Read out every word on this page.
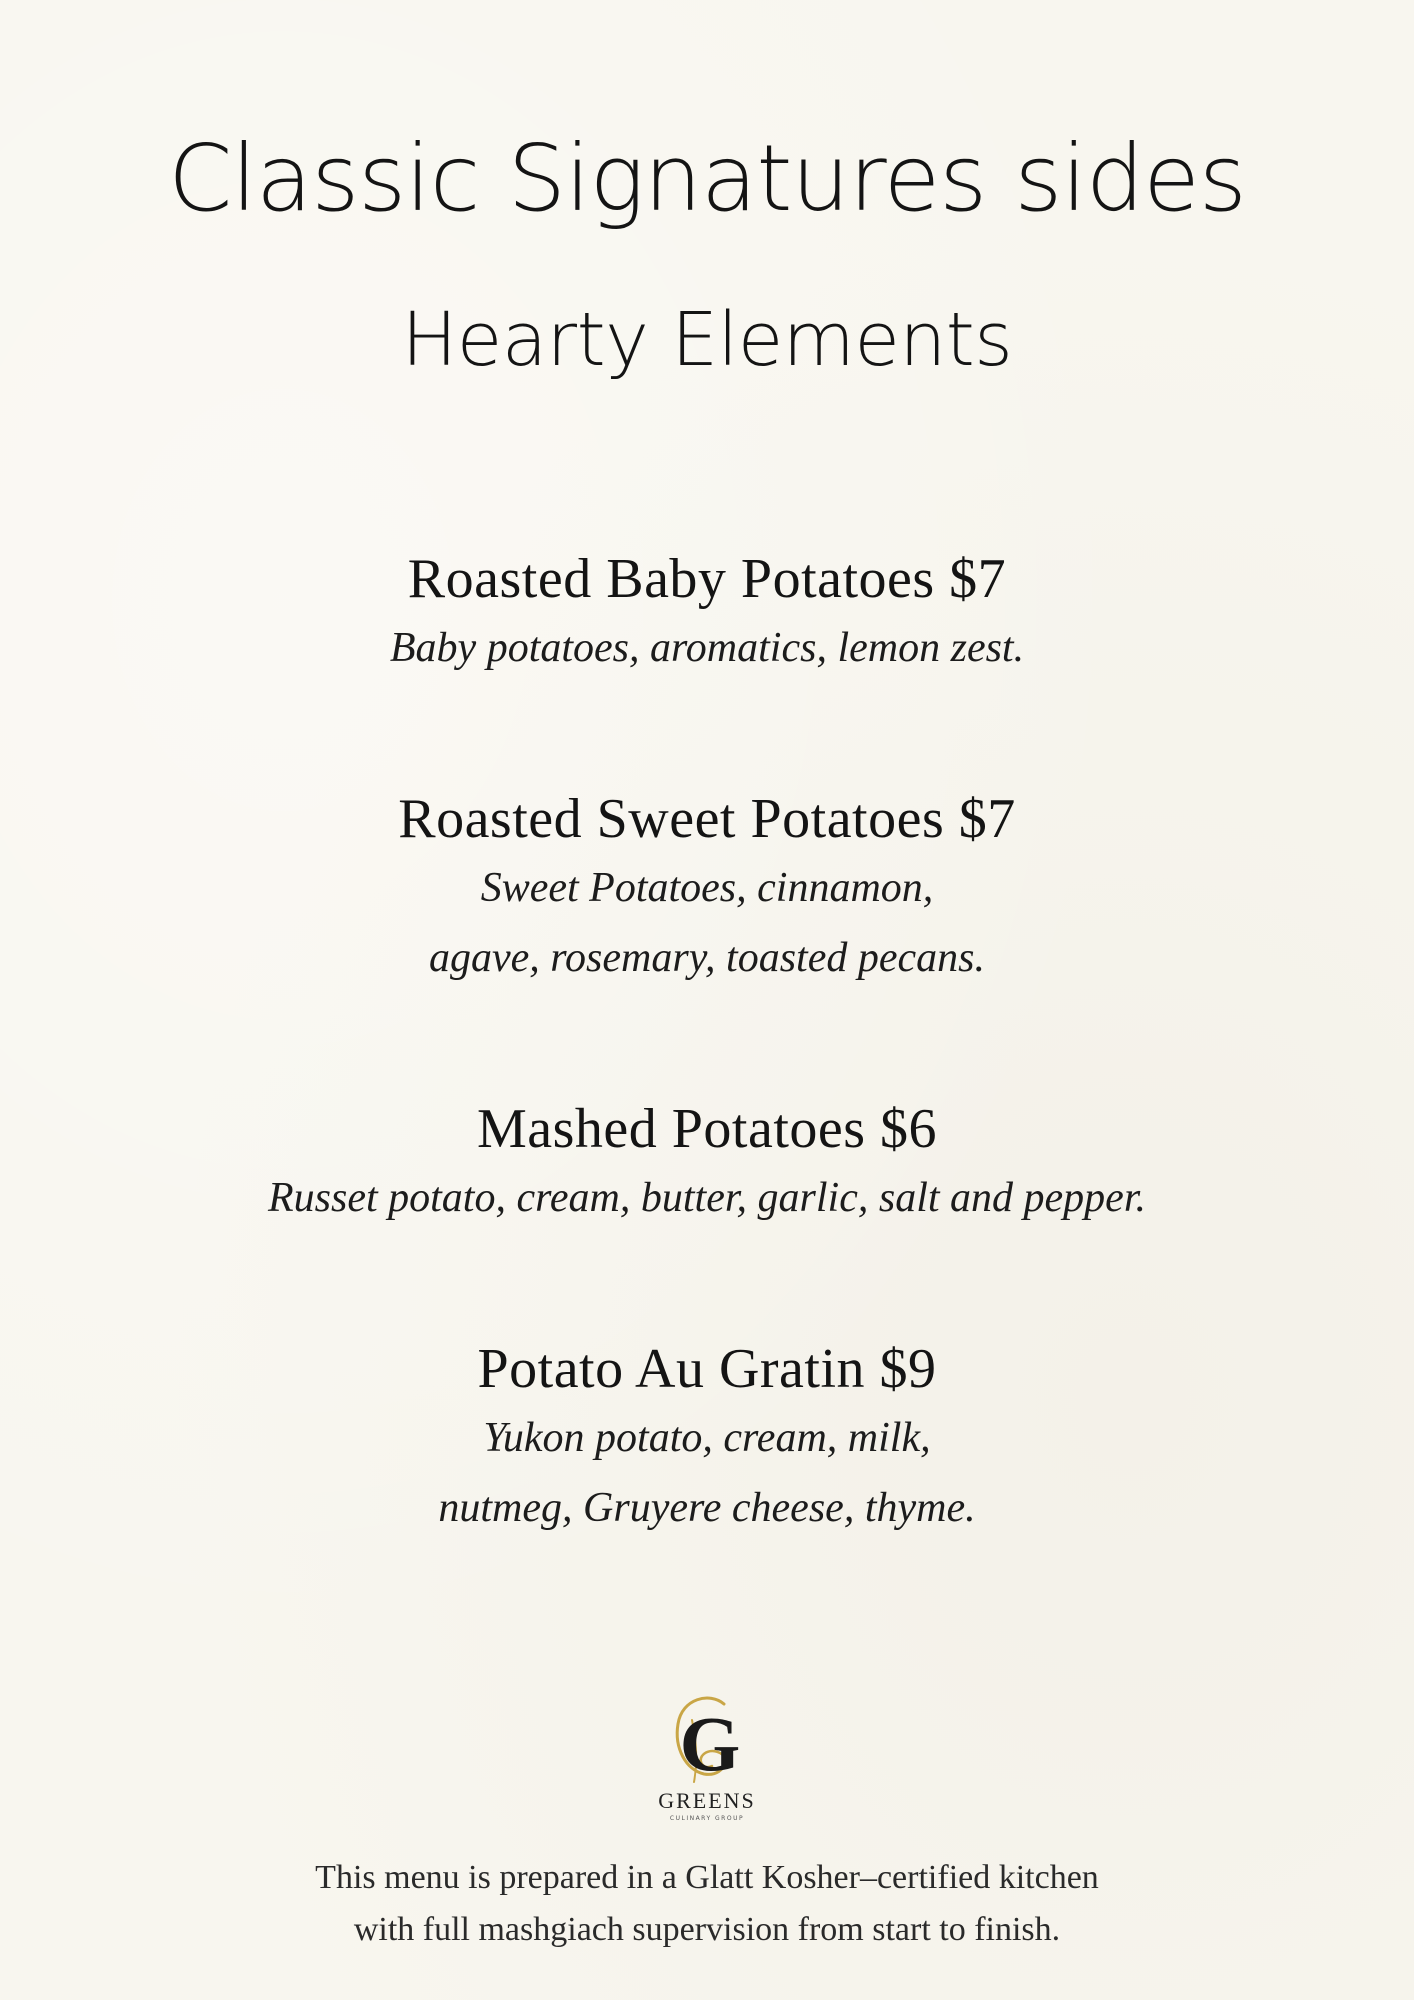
Classic Signatures sides
Hearty Elements
Roasted Baby Potatoes $7
Baby potatoes, aromatics, lemon zest.
Roasted Sweet Potatoes $7
Sweet Potatoes, cinnamon,
agave, rosemary, toasted pecans.
Mashed Potatoes $6
Russet potato, cream, butter, garlic, salt and pepper.
Potato Au Gratin $9
Yukon potato, cream, milk,
nutmeg, Gruyere cheese, thyme.
G
GREENS
CULINARY GROUP
This menu is prepared in a Glatt Kosher–certified kitchen
with full mashgiach supervision from start to finish.
